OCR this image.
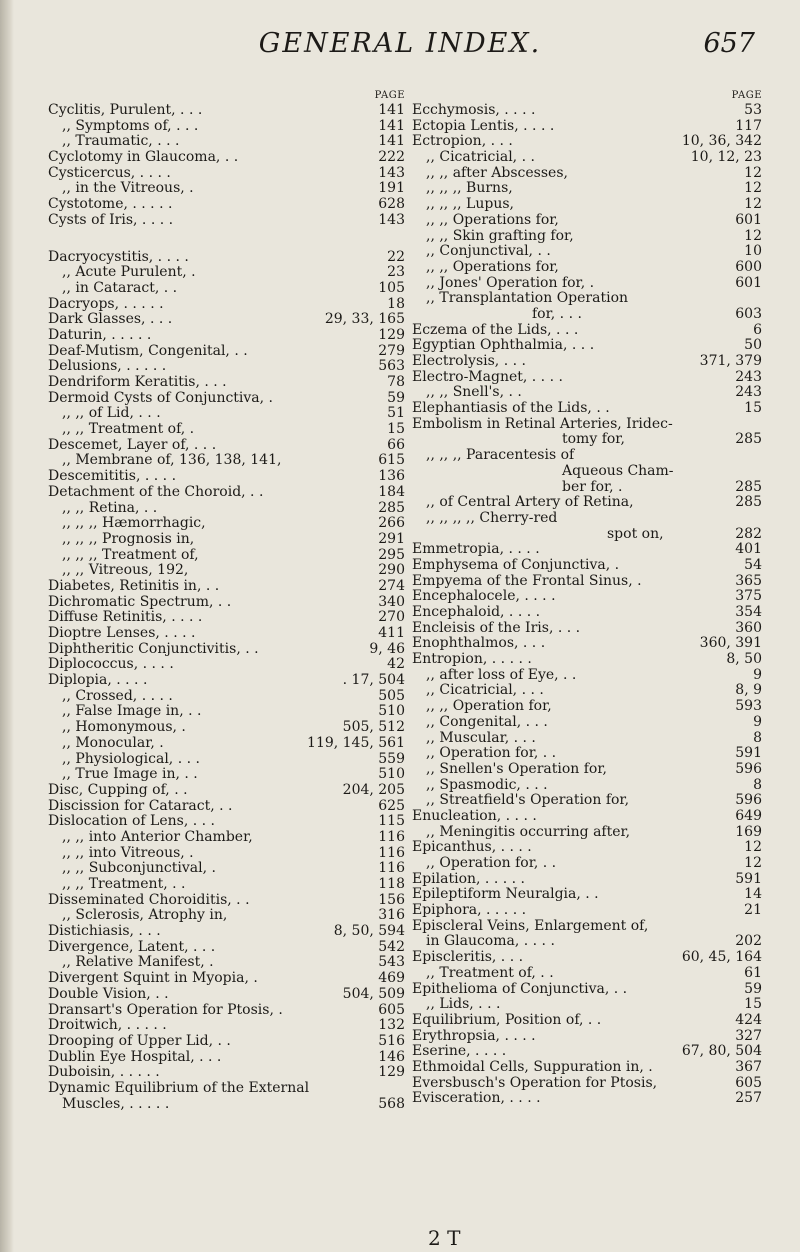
GENERAL INDEX.	657
PAGE
Cyclitis, Purulent, . . .	141
,, Symptoms of, . . .	141
,, Traumatic, . . .	141
Cyclotomy in Glaucoma, . .	222
Cysticercus, . . . .	143
,, in the Vitreous, .	191
Cystotome, . . . . .	628
Cysts of Iris, . . . .	143
Dacryocystitis, . . . .	22
,, Acute Purulent, .	23
,, in Cataract, . .	105
Dacryops, . . . . .	18
Dark Glasses, . . .	29, 33, 165
Daturin, . . . . .	129
Deaf-Mutism, Congenital, . .	279
Delusions, . . . . .	563
Dendriform Keratitis, . . .	78
Dermoid Cysts of Conjunctiva, .	59
,, ,, of Lid, . . .	51
,, ,, Treatment of, .	15
Descemet, Layer of, . . .	66
,, Membrane of, 136, 138, 141,	615
Descemititis, . . . .	136
Detachment of the Choroid, . .	184
,, ,, Retina, . .	285
,, ,, ,, Hæmorrhagic,	266
,, ,, ,, Prognosis in,	291
,, ,, ,, Treatment of,	295
,, ,, Vitreous, 192,	290
Diabetes, Retinitis in, . .	274
Dichromatic Spectrum, . .	340
Diffuse Retinitis, . . . .	270
Dioptre Lenses, . . . .	411
Diphtheritic Conjunctivitis, . .	9, 46
Diplococcus, . . . .	42
Diplopia, . . . .	. 17, 504
,, Crossed, . . . .	505
,, False Image in, . .	510
,, Homonymous, .	505, 512
,, Monocular, .	119, 145, 561
,, Physiological, . . .	559
,, True Image in, . .	510
Disc, Cupping of, . .	204, 205
Discission for Cataract, . .	625
Dislocation of Lens, . . .	115
,, ,, into Anterior Chamber,	116
,, ,, into Vitreous, .	116
,, ,, Subconjunctival, .	116
,, ,, Treatment, . .	118
Disseminated Choroiditis, . .	156
,, Sclerosis, Atrophy in,	316
Distichiasis, . . .	8, 50, 594
Divergence, Latent, . . .	542
,, Relative Manifest, .	543
Divergent Squint in Myopia, .	469
Double Vision, . .	504, 509
Dransart's Operation for Ptosis, .	605
Droitwich, . . . . .	132
Drooping of Upper Lid, . .	516
Dublin Eye Hospital, . . .	146
Duboisin, . . . . .	129
Dynamic Equilibrium of the External
Muscles, . . . . .	568
PAGE
Ecchymosis, . . . .	53
Ectopia Lentis, . . . .	117
Ectropion, . . .	10, 36, 342
,, Cicatricial, . .	10, 12, 23
,, ,, after Abscesses,	12
,, ,, ,, Burns,	12
,, ,, ,, Lupus,	12
,, ,, Operations for,	601
,, ,, Skin grafting for,	12
,, Conjunctival, . .	10
,, ,, Operations for,	600
,, Jones' Operation for, .	601
,, Transplantation Operation
for, . . .	603
Eczema of the Lids, . . .	6
Egyptian Ophthalmia, . . .	50
Electrolysis, . . .	371, 379
Electro-Magnet, . . . .	243
,, ,, Snell's, . .	243
Elephantiasis of the Lids, . .	15
Embolism in Retinal Arteries, Iridec-
tomy for,	285
,, ,, ,, Paracentesis of
Aqueous Cham-
ber for, .	285
,, of Central Artery of Retina,	285
,, ,, ,, ,, Cherry-red
spot on,	282
Emmetropia, . . . .	401
Emphysema of Conjunctiva, .	54
Empyema of the Frontal Sinus, .	365
Encephalocele, . . . .	375
Encephaloid, . . . .	354
Encleisis of the Iris, . . .	360
Enophthalmos, . . .	360, 391
Entropion, . . . . .	8, 50
,, after loss of Eye, . .	9
,, Cicatricial, . . .	8, 9
,, ,, Operation for,	593
,, Congenital, . . .	9
,, Muscular, . . .	8
,, Operation for, . .	591
,, Snellen's Operation for,	596
,, Spasmodic, . . .	8
,, Streatfield's Operation for,	596
Enucleation, . . . .	649
,, Meningitis occurring after,	169
Epicanthus, . . . .	12
,, Operation for, . .	12
Epilation, . . . . .	591
Epileptiform Neuralgia, . .	14
Epiphora, . . . . .	21
Episcleral Veins, Enlargement of,
in Glaucoma, . . . .	202
Episcleritis, . . .	60, 45, 164
,, Treatment of, . .	61
Epithelioma of Conjunctiva, . .	59
,, Lids, . . .	15
Equilibrium, Position of, . .	424
Erythropsia, . . . .	327
Eserine, . . . .	67, 80, 504
Ethmoidal Cells, Suppuration in, .	367
Eversbusch's Operation for Ptosis,	605
Evisceration, . . . .	257
2 T
